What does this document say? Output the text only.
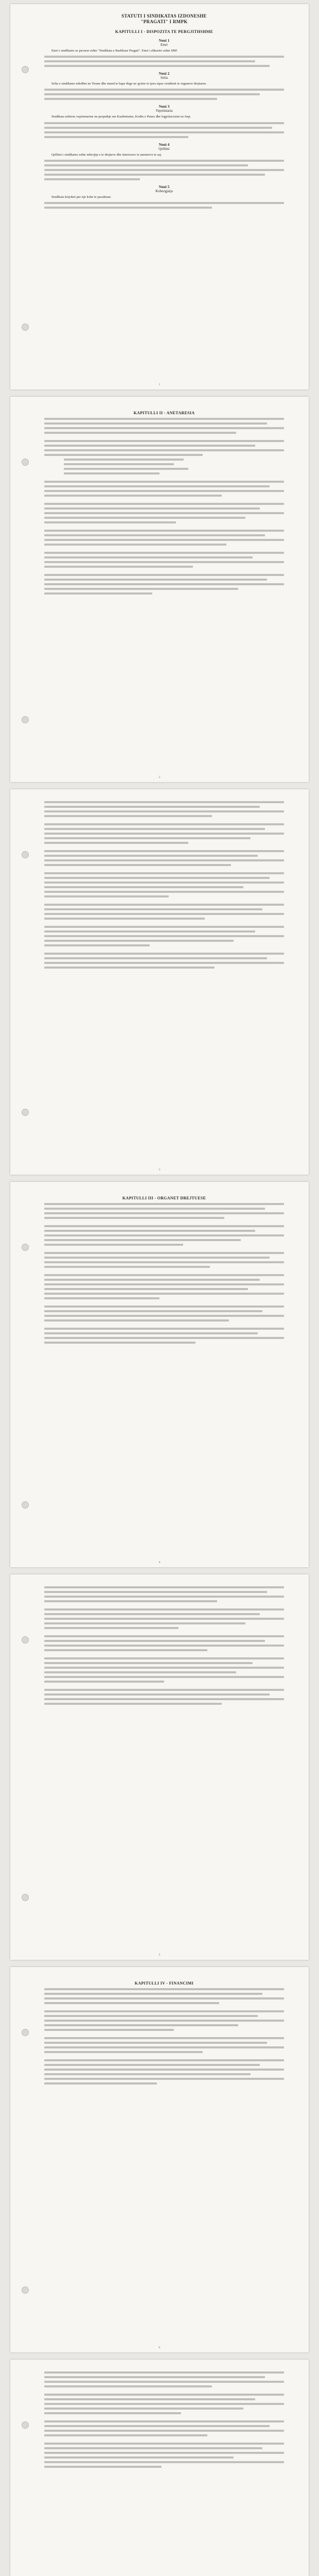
STATUTI I SINDIKATAS IZDONESHE
"PRAGATI" I RMPK
KAPITULLI I - DISPOZITA TE PERGJITHSHME
Neni 1
Emri
Emri i sindikates se pavarur eshte "Sindikata e Bashkuar Pragati". Emri i shkurter eshte SBP.
Neni 2
Selia
Selia e sindikates ndodhet ne Tirane dhe mund te hape dege ne qytete te tjera sipas vendimit te organeve drejtuese.
Neni 3
Veprimtaria
Sindikata ushtron veprimtarine ne perputhje me Kushtetuten, Kodin e Punes dhe legjislacionin ne fuqi.
Neni 4
Qellimi
Qellimi i sindikates eshte mbrojtja e te drejtave dhe interesave te anetareve te saj.
Neni 5
Kohezgjatja
Sindikata krijohet per nje kohe te pacaktuar.
1
KAPITULLI II - ANETARESIA
2
3
KAPITULLI III - ORGANET DREJTUESE
4
5
KAPITULLI IV - FINANCIMI
6
